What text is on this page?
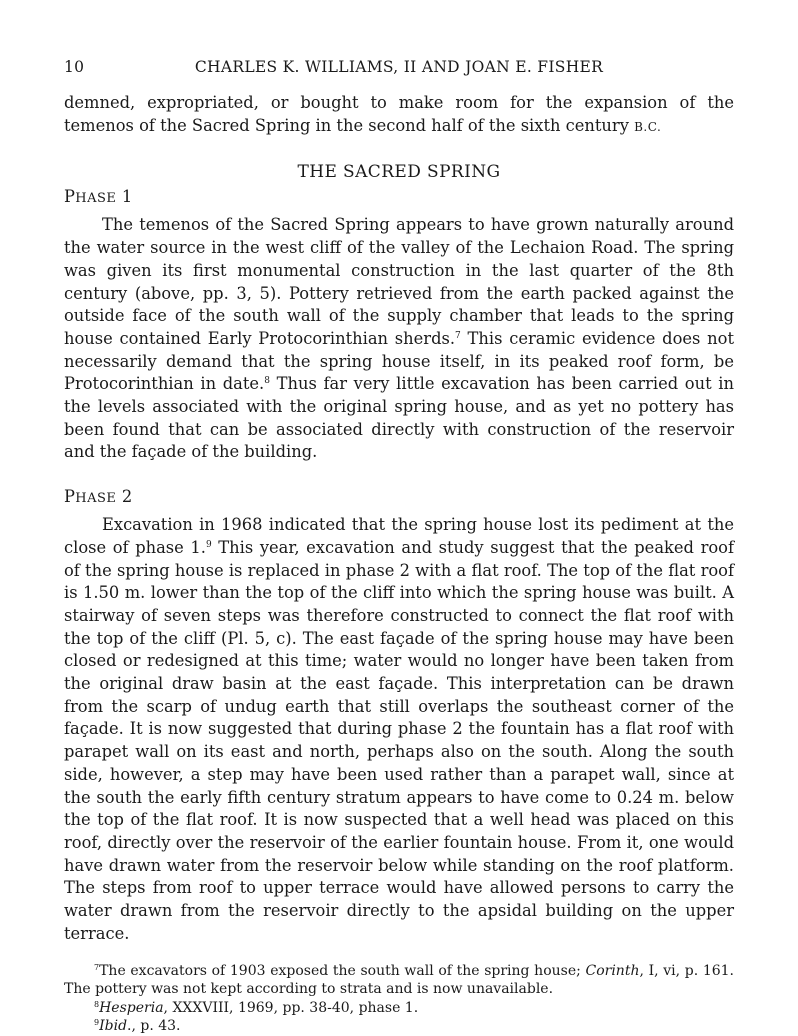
10	CHARLES K. WILLIAMS, II AND JOAN E. FISHER

demned, expropriated, or bought to make room for the expansion of the temenos of the Sacred Spring in the second half of the sixth century B.C.

THE SACRED SPRING
PHASE 1

The temenos of the Sacred Spring appears to have grown naturally around the water source in the west cliff of the valley of the Lechaion Road. The spring was given its first monumental construction in the last quarter of the 8th century (above, pp. 3, 5). Pottery retrieved from the earth packed against the outside face of the south wall of the supply chamber that leads to the spring house contained Early Protocorinthian sherds.$^7$ This ceramic evidence does not necessarily demand that the spring house itself, in its peaked roof form, be Protocorinthian in date.$^8$ Thus far very little excavation has been carried out in the levels associated with the original spring house, and as yet no pottery has been found that can be associated directly with construction of the reservoir and the façade of the building.

PHASE 2

Excavation in 1968 indicated that the spring house lost its pediment at the close of phase 1.$^9$ This year, excavation and study suggest that the peaked roof of the spring house is replaced in phase 2 with a flat roof. The top of the flat roof is 1.50 m. lower than the top of the cliff into which the spring house was built. A stairway of seven steps was therefore constructed to connect the flat roof with the top of the cliff (Pl. 5, c). The east façade of the spring house may have been closed or redesigned at this time; water would no longer have been taken from the original draw basin at the east façade. This interpretation can be drawn from the scarp of undug earth that still overlaps the southeast corner of the façade. It is now suggested that during phase 2 the fountain has a flat roof with parapet wall on its east and north, perhaps also on the south. Along the south side, however, a step may have been used rather than a parapet wall, since at the south the early fifth century stratum appears to have come to 0.24 m. below the top of the flat roof. It is now suspected that a well head was placed on this roof, directly over the reservoir of the earlier fountain house. From it, one would have drawn water from the reservoir below while standing on the roof platform. The steps from roof to upper terrace would have allowed persons to carry the water drawn from the reservoir directly to the apsidal building on the upper terrace.

$^7$The excavators of 1903 exposed the south wall of the spring house; Corinth, I, vi, p. 161. The pottery was not kept according to strata and is now unavailable.

$^8$Hesperia, XXXVIII, 1969, pp. 38-40, phase 1.

$^9$Ibid., p. 43.
